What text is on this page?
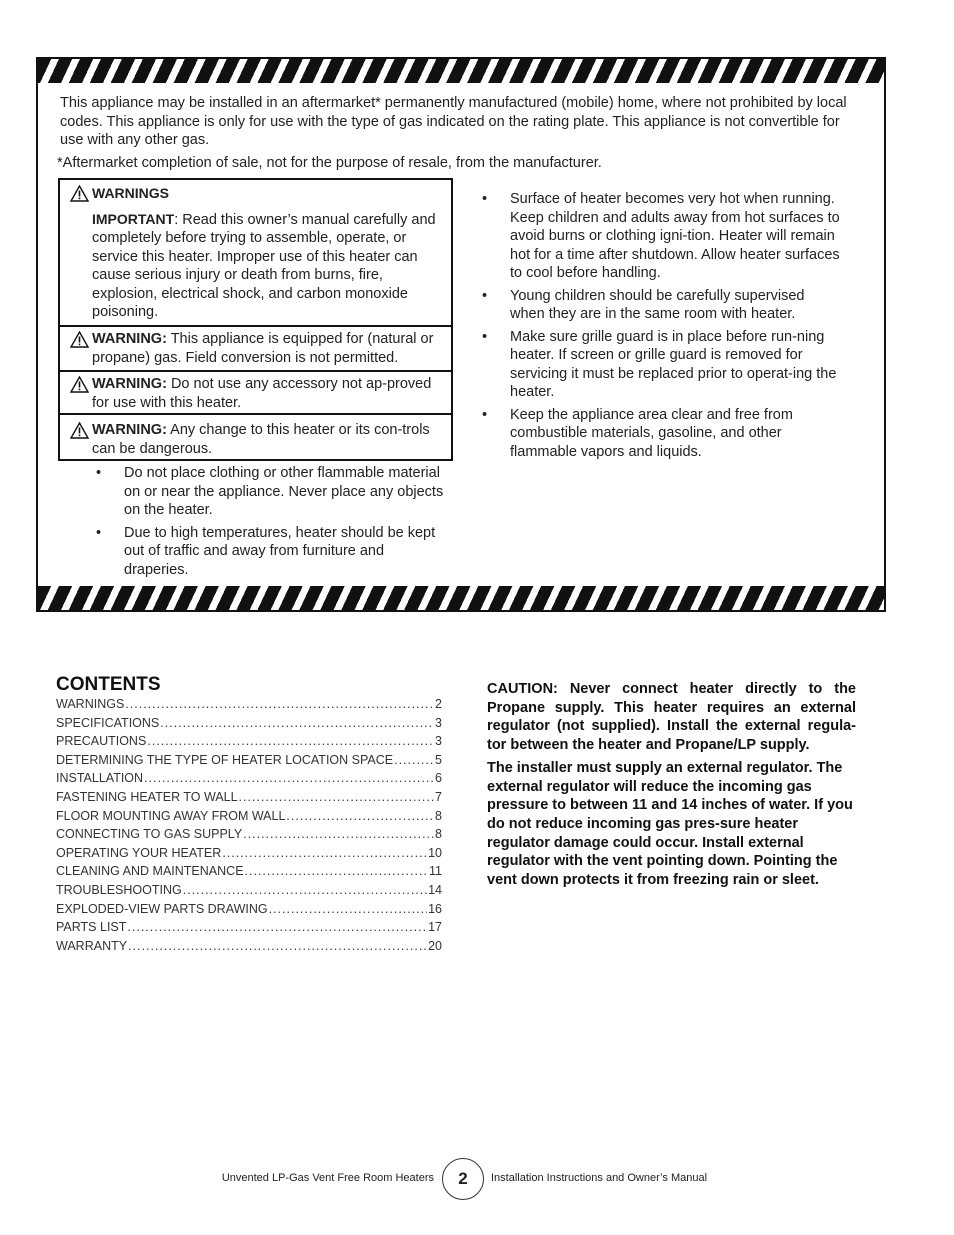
This appliance may be installed in an aftermarket* permanently manufactured (mobile) home, where not prohibited by local codes. This appliance is only for use with the type of gas indicated on the rating plate. This appliance is not convertible for use with any other gas.

*Aftermarket completion of sale, not for the purpose of resale, from the manufacturer.

WARNINGS
IMPORTANT: Read this owner’s manual carefully and completely before trying to assemble, operate, or service this heater. Improper use of this heater can cause serious injury or death from burns, fire, explosion, electrical shock, and carbon monoxide poisoning.
WARNING: This appliance is equipped for (natural or propane) gas. Field conversion is not permitted.
WARNING: Do not use any accessory not ap-proved for use with this heater.
WARNING: Any change to this heater or its con-trols can be dangerous.
• Do not place clothing or other flammable material on or near the appliance. Never place any objects on the heater.
• Due to high temperatures, heater should be kept out of traffic and away from furniture and draperies.
• Surface of heater becomes very hot when running. Keep children and adults away from hot surfaces to avoid burns or clothing igni-tion. Heater will remain hot for a time after shutdown. Allow heater surfaces to cool before handling.
• Young children should be carefully supervised when they are in the same room with heater.
• Make sure grille guard is in place before run-ning heater. If screen or grille guard is removed for servicing it must be replaced prior to operat-ing the heater.
• Keep the appliance area clear and free from combustible materials, gasoline, and other flammable vapors and liquids.
CONTENTS
WARNINGS .....	2
SPECIFICATIONS .....	3
PRECAUTIONS .....	3
DETERMINING THE TYPE OF HEATER LOCATION SPACE .....	5
INSTALLATION .....	6
FASTENING HEATER TO WALL .....	7
FLOOR MOUNTING AWAY FROM WALL .....	8
CONNECTING TO GAS SUPPLY .....	8
OPERATING YOUR HEATER .....	10
CLEANING AND MAINTENANCE .....	11
TROUBLESHOOTING .....	14
EXPLODED-VIEW PARTS DRAWING .....	16
PARTS LIST .....	17
WARRANTY .....	20

CAUTION: Never connect heater directly to the Propane supply. This heater requires an external regulator (not supplied). Install the external regula-tor between the heater and Propane/LP supply.

The installer must supply an external regulator. The external regulator will reduce the incoming gas pressure to between 11 and 14 inches of water. If you do not reduce incoming gas pres-sure heater regulator damage could occur. Install external regulator with the vent pointing down. Pointing the vent down protects it from freezing rain or sleet.

Unvented LP-Gas Vent Free Room Heaters	2	Installation Instructions and Owner’s Manual
